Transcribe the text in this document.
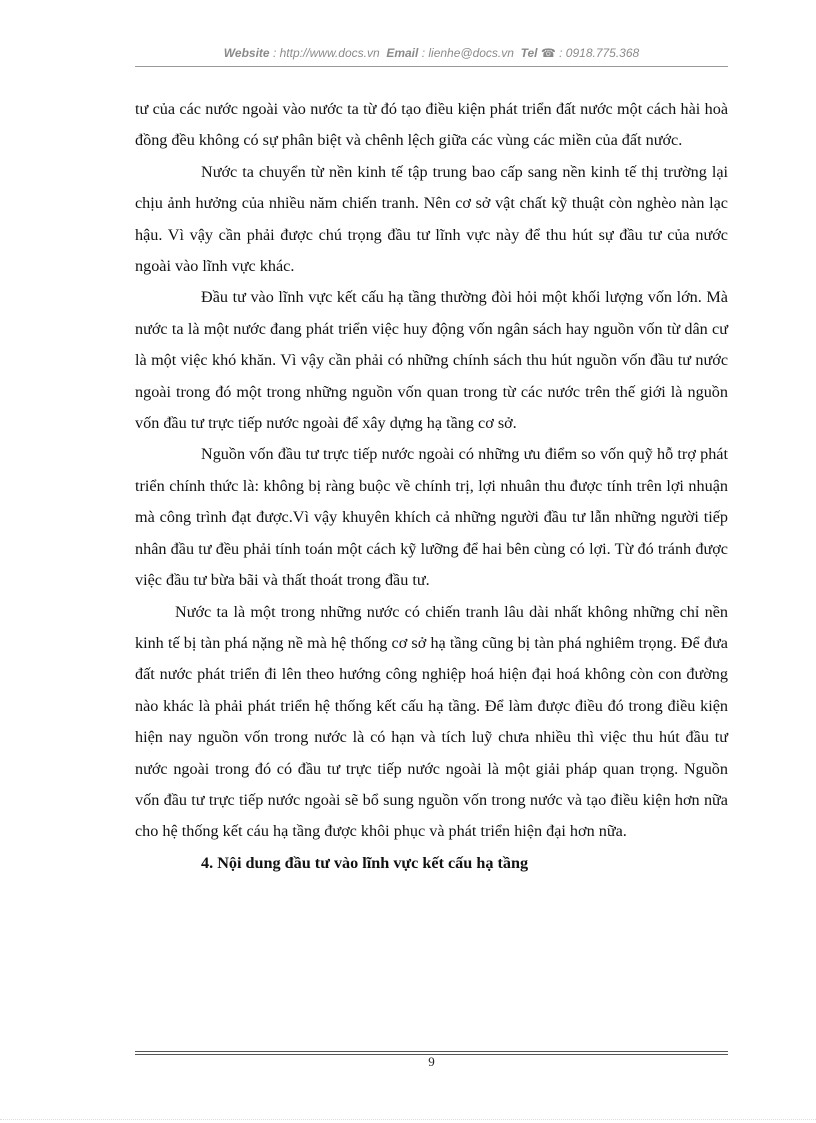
Website : http://www.docs.vn Email : lienhe@docs.vn Tel ☎ : 0918.775.368

tư của các nước ngoài vào nước ta từ đó tạo điều kiện phát triển đất nước một cách hài hoà đồng đều không có sự phân biệt và chênh lệch giữa các vùng các miền của đất nước.

Nước ta chuyển từ nền kinh tế tập trung bao cấp sang nền kinh tế thị trường lại chịu ảnh hưởng của nhiều năm chiến tranh. Nên cơ sở vật chất kỹ thuật còn nghèo nàn lạc hậu. Vì vậy cần phải được chú trọng đầu tư lĩnh vực này để thu hút sự đầu tư của nước ngoài vào lĩnh vực khác.

Đầu tư vào lĩnh vực kết cấu hạ tầng thường đòi hỏi một khối lượng vốn lớn. Mà nước ta là một nước đang phát triển việc huy động vốn ngân sách hay nguồn vốn từ dân cư là một việc khó khăn. Vì vậy cần phải có những chính sách thu hút nguồn vốn đầu tư nước ngoài trong đó một trong những nguồn vốn quan trong từ các nước trên thế giới là nguồn vốn đầu tư trực tiếp nước ngoài để xây dựng hạ tầng cơ sở.

Nguồn vốn đầu tư trực tiếp nước ngoài có những ưu điểm so vốn quỹ hỗ trợ phát triển chính thức là: không bị ràng buộc về chính trị, lợi nhuân thu được tính trên lợi nhuận mà công trình đạt được.Vì vậy khuyên khích cả những người đầu tư lẫn những người tiếp nhân đầu tư đều phải tính toán một cách kỹ lưỡng để hai bên cùng có lợi. Từ đó tránh được việc đầu tư bừa bãi và thất thoát trong đầu tư.

Nước ta là một trong những nước có chiến tranh lâu dài nhất không những chỉ nền kinh tế bị tàn phá nặng nề mà hệ thống cơ sở hạ tầng cũng bị tàn phá nghiêm trọng. Để đưa đất nước phát triển đi lên theo hướng công nghiệp hoá hiện đại hoá không còn con đường nào khác là phải phát triển hệ thống kết cấu hạ tầng. Để làm được điều đó trong điều kiện hiện nay nguồn vốn trong nước là có hạn và tích luỹ chưa nhiều thì việc thu hút đầu tư nước ngoài trong đó có đầu tư trực tiếp nước ngoài là một giải pháp quan trọng. Nguồn vốn đầu tư trực tiếp nước ngoài sẽ bổ sung nguồn vốn trong nước và tạo điều kiện hơn nữa cho hệ thống kết cáu hạ tầng được khôi phục và phát triển hiện đại hơn nữa.

4. Nội dung đầu tư vào lĩnh vực kết cấu hạ tầng
9
